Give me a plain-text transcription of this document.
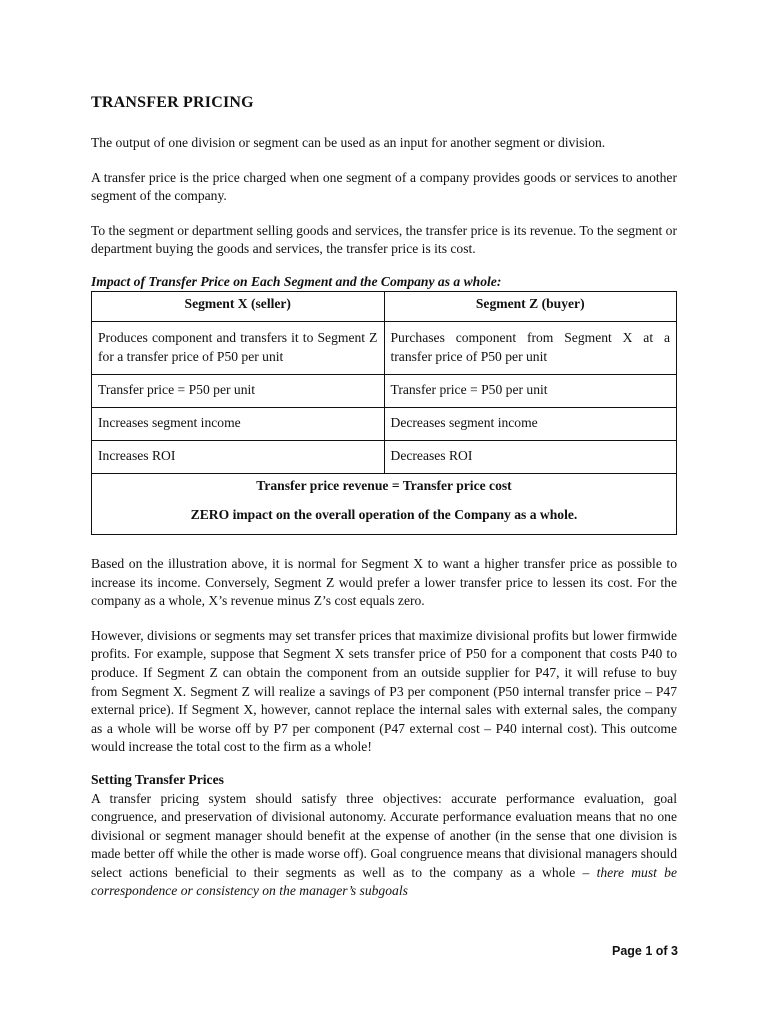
TRANSFER PRICING

The output of one division or segment can be used as an input for another segment or division.

A transfer price is the price charged when one segment of a company provides goods or services to another segment of the company.

To the segment or department selling goods and services, the transfer price is its revenue. To the segment or department buying the goods and services, the transfer price is its cost.

Impact of Transfer Price on Each Segment and the Company as a whole:
Segment X (seller)	Segment Z (buyer)
Produces component and transfers it to Segment Z for a transfer price of P50 per unit	Purchases component from Segment X at a transfer price of P50 per unit
Transfer price = P50 per unit	Transfer price = P50 per unit
Increases segment income	Decreases segment income
Increases ROI	Decreases ROI
Transfer price revenue = Transfer price cost
ZERO impact on the overall operation of the Company as a whole.	

Based on the illustration above, it is normal for Segment X to want a higher transfer price as possible to increase its income. Conversely, Segment Z would prefer a lower transfer price to lessen its cost. For the company as a whole, X’s revenue minus Z’s cost equals zero.

However, divisions or segments may set transfer prices that maximize divisional profits but lower firmwide profits. For example, suppose that Segment X sets transfer price of P50 for a component that costs P40 to produce. If Segment Z can obtain the component from an outside supplier for P47, it will refuse to buy from Segment X. Segment Z will realize a savings of P3 per component (P50 internal transfer price – P47 external price). If Segment X, however, cannot replace the internal sales with external sales, the company as a whole will be worse off by P7 per component (P47 external cost – P40 internal cost). This outcome would increase the total cost to the firm as a whole!

Setting Transfer Prices

A transfer pricing system should satisfy three objectives: accurate performance evaluation, goal congruence, and preservation of divisional autonomy. Accurate performance evaluation means that no one divisional or segment manager should benefit at the expense of another (in the sense that one division is made better off while the other is made worse off). Goal congruence means that divisional managers should select actions beneficial to their segments as well as to the company as a whole – there must be correspondence or consistency on the manager’s subgoals

Page 1 of 3
